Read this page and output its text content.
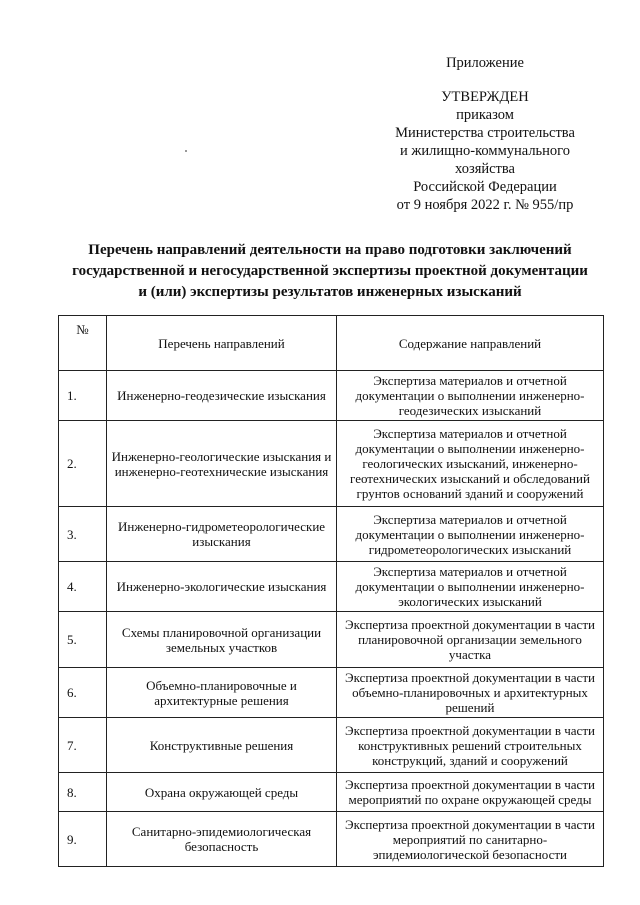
Приложение
УТВЕРЖДЕН
приказом
Министерства строительства
и жилищно-коммунального
хозяйства
Российской Федерации
от 9 ноября 2022 г. № 955/пр
Перечень направлений деятельности на право подготовки заключений
государственной и негосударственной экспертизы проектной документации
и (или) экспертизы результатов инженерных изысканий
№	Перечень направлений	Содержание направлений
1.	Инженерно-геодезические изыскания	Экспертиза материалов и отчетной документации о выполнении инженерно-геодезических изысканий
2.	Инженерно-геологические изыскания и инженерно-геотехнические изыскания	Экспертиза материалов и отчетной документации о выполнении инженерно-геологических изысканий, инженерно-геотехнических изысканий и обследований грунтов оснований зданий и сооружений
3.	Инженерно-гидрометеорологические изыскания	Экспертиза материалов и отчетной документации о выполнении инженерно-гидрометеорологических изысканий
4.	Инженерно-экологические изыскания	Экспертиза материалов и отчетной документации о выполнении инженерно-экологических изысканий
5.	Схемы планировочной организации земельных участков	Экспертиза проектной документации в части планировочной организации земельного участка
6.	Объемно-планировочные и архитектурные решения	Экспертиза проектной документации в части объемно-планировочных и архитектурных решений
7.	Конструктивные решения	Экспертиза проектной документации в части конструктивных решений строительных конструкций, зданий и сооружений
8.	Охрана окружающей среды	Экспертиза проектной документации в части мероприятий по охране окружающей среды
9.	Санитарно-эпидемиологическая безопасность	Экспертиза проектной документации в части мероприятий по санитарно-эпидемиологической безопасности
